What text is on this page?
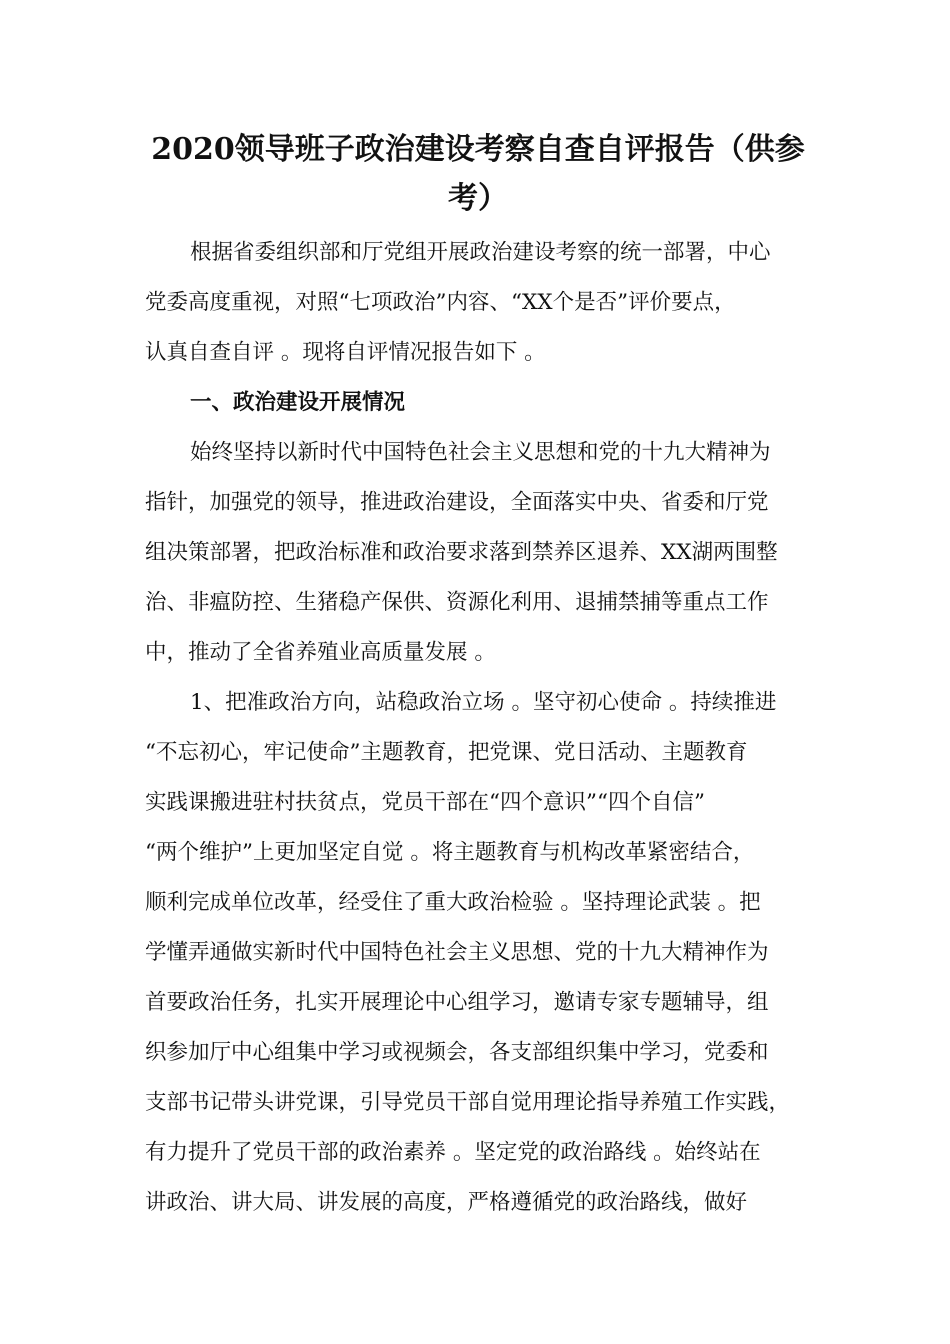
2020领导班子政治建设考察自查自评报告（供参
考）

根据省委组织部和厅党组开展政治建设考察的统一部署，中心

党委高度重视，对照“七项政治”内容、“XX个是否”评价要点，

认真自查自评 。现将自评情况报告如下 。

一、政治建设开展情况

始终坚持以新时代中国特色社会主义思想和党的十九大精神为

指针，加强党的领导，推进政治建设，全面落实中央、省委和厅党

组决策部署，把政治标准和政治要求落到禁养区退养、XX湖两围整

治、非瘟防控、生猪稳产保供、资源化利用、退捕禁捕等重点工作

中，推动了全省养殖业高质量发展 。

1、把准政治方向，站稳政治立场 。坚守初心使命 。持续推进

“不忘初心，牢记使命”主题教育，把党课、党日活动、主题教育

实践课搬进驻村扶贫点，党员干部在“四个意识”“四个自信”

“两个维护”上更加坚定自觉 。将主题教育与机构改革紧密结合，

顺利完成单位改革，经受住了重大政治检验 。坚持理论武装 。把

学懂弄通做实新时代中国特色社会主义思想、党的十九大精神作为

首要政治任务，扎实开展理论中心组学习，邀请专家专题辅导，组

织参加厅中心组集中学习或视频会，各支部组织集中学习，党委和

支部书记带头讲党课，引导党员干部自觉用理论指导养殖工作实践，

有力提升了党员干部的政治素养 。坚定党的政治路线 。始终站在

讲政治、讲大局、讲发展的高度，严格遵循党的政治路线，做好
